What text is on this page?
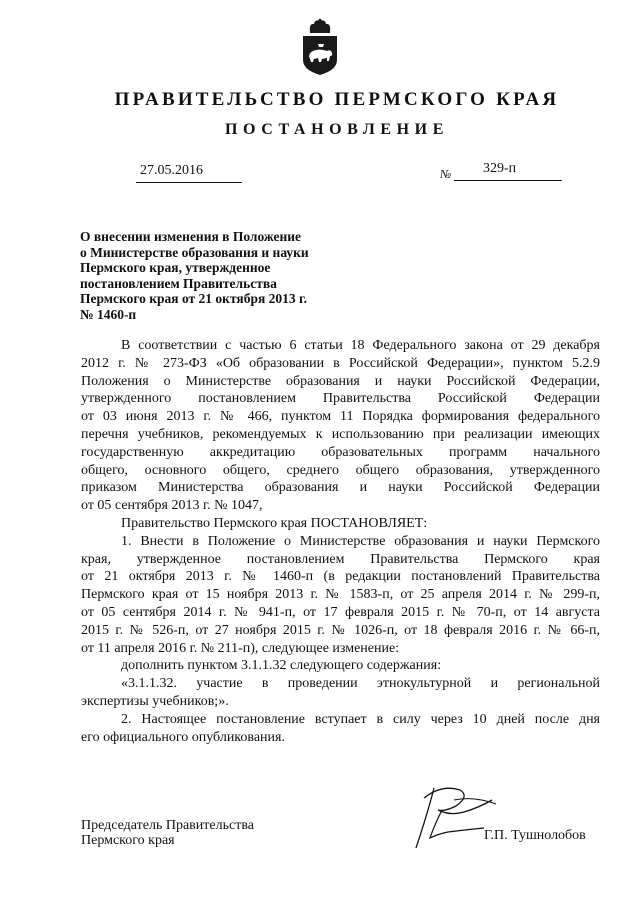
ПРАВИТЕЛЬСТВО ПЕРМСКОГО КРАЯ
ПОСТАНОВЛЕНИЕ
27.05.2016	№ 329-п
О внесении изменения в Положение
о Министерстве образования и науки
Пермского края, утвержденное
постановлением Правительства
Пермского края от 21 октября 2013 г.
№ 1460-п

В соответствии с частью 6 статьи 18 Федерального закона от 29 декабря

2012 г. № 273-ФЗ «Об образовании в Российской Федерации», пунктом 5.2.9

Положения о Министерстве образования и науки Российской Федерации,

утвержденного постановлением Правительства Российской Федерации

от 03 июня 2013 г. № 466, пунктом 11 Порядка формирования федерального

перечня учебников, рекомендуемых к использованию при реализации имеющих

государственную аккредитацию образовательных программ начального

общего, основного общего, среднего общего образования, утвержденного

приказом Министерства образования и науки Российской Федерации

от 05 сентября 2013 г. № 1047,

Правительство Пермского края ПОСТАНОВЛЯЕТ:

1. Внести в Положение о Министерстве образования и науки Пермского

края, утвержденное постановлением Правительства Пермского края

от 21 октября 2013 г. № 1460-п (в редакции постановлений Правительства

Пермского края от 15 ноября 2013 г. № 1583-п, от 25 апреля 2014 г. № 299-п,

от 05 сентября 2014 г. № 941-п, от 17 февраля 2015 г. № 70-п, от 14 августа

2015 г. № 526-п, от 27 ноября 2015 г. № 1026-п, от 18 февраля 2016 г. № 66-п,

от 11 апреля 2016 г. № 211-п), следующее изменение:

дополнить пунктом 3.1.1.32 следующего содержания:

«3.1.1.32. участие в проведении этнокультурной и региональной

экспертизы учебников;».

2. Настоящее постановление вступает в силу через 10 дней после дня

его официального опубликования.

Председатель Правительства
Пермского края	Г.П. Тушнолобов
